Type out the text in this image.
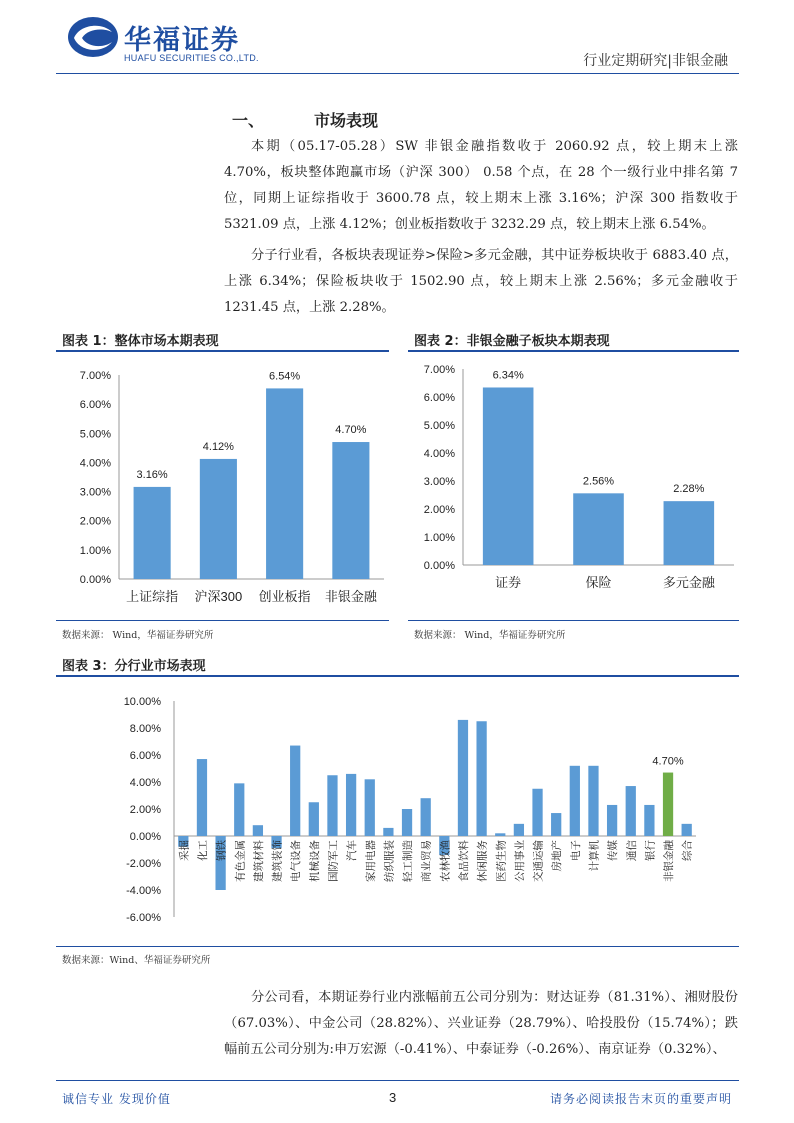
华福证券
HUAFU SECURITIES CO.,LTD.	行业定期研究|非银金融
一、	市场表现

本期（05.17-05.28）SW 非银金融指数收于 2060.92 点，较上期末上涨 4.70%，板块整体跑赢市场（沪深 300） 0.58 个点，在 28 个一级行业中排名第 7 位，同期上证综指收于 3600.78 点，较上期末上涨 3.16%；沪深 300 指数收于 5321.09 点，上涨 4.12%；创业板指数收于 3232.29 点，较上期末上涨 6.54%。

分子行业看，各板块表现证券>保险>多元金融，其中证券板块收于 6883.40 点，上涨 6.34%；保险板块收于 1502.90 点，较上期末上涨 2.56%；多元金融收于 1231.45 点，上涨 2.28%。

图表 1：整体市场本期表现
0.00%
1.00%
2.00%
3.00%
4.00%
5.00%
6.00%
7.00%
3.16%
上证综指
4.12%
沪深300
6.54%
创业板指
4.70%
非银金融
数据来源： Wind，华福证券研究所
图表 2：非银金融子板块本期表现
0.00%
1.00%
2.00%
3.00%
4.00%
5.00%
6.00%
7.00%	6.34%
证券
2.56%
保险
2.28%
多元金融
数据来源： Wind，华福证券研究所
图表 3：分行业市场表现
-6.00%
-4.00%
-2.00%
0.00%
2.00%
4.00%
6.00%
8.00%
10.00%
采掘 化工 钢铁 有色金属 建筑材料 建筑装饰 电气设备 机械设备 国防军工 汽车 家用电器 纺织服装 轻工制造 商业贸易 农林牧渔 食品饮料 休闲服务 医药生物 公用事业 交通运输 房地产 电子 计算机 传媒 通信 银行 非银金融 综合
4.70%
数据来源：Wind、华福证券研究所

分公司看，本期证券行业内涨幅前五公司分别为：财达证券（81.31%）、湘财股份（67.03%）、中金公司（28.82%）、兴业证券（28.79%）、哈投股份（15.74%）；跌幅前五公司分别为:申万宏源（-0.41%）、中泰证券（-0.26%）、南京证券（0.32%）、

诚信专业 发现价值	3	请务必阅读报告末页的重要声明
